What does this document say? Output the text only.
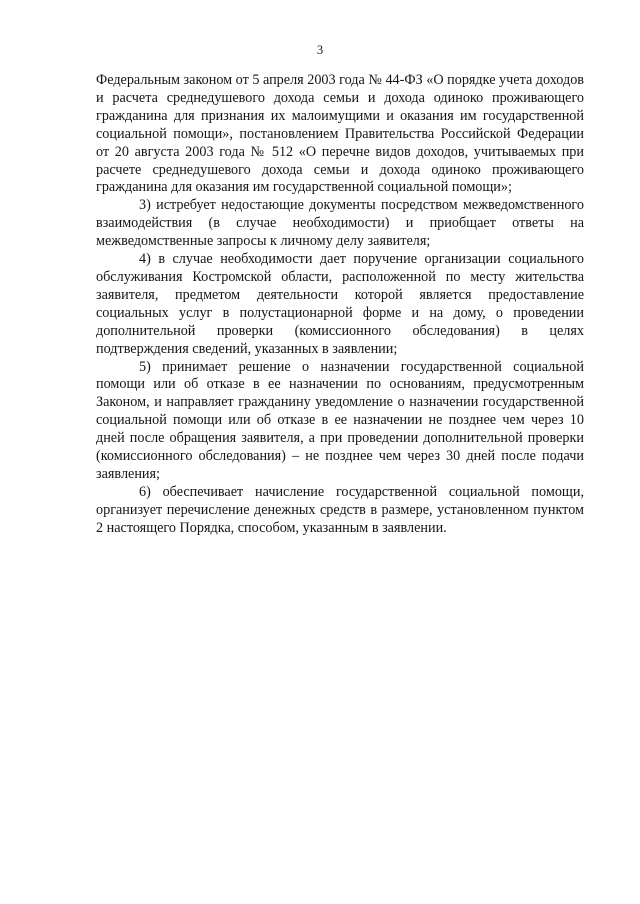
3

Федеральным законом от 5 апреля 2003 года № 44-ФЗ «О порядке учета доходов и расчета среднедушевого дохода семьи и дохода одиноко проживающего гражданина для признания их малоимущими и оказания им государственной социальной помощи», постановлением Правительства Российской Федерации от 20 августа 2003 года № 512 «О перечне видов доходов, учитываемых при расчете среднедушевого дохода семьи и дохода одиноко проживающего гражданина для оказания им государственной социальной помощи»;

3) истребует недостающие документы посредством межведомственного взаимодействия (в случае необходимости) и приобщает ответы на межведомственные запросы к личному делу заявителя;

4) в случае необходимости дает поручение организации социального обслуживания Костромской области, расположенной по месту жительства заявителя, предметом деятельности которой является предоставление социальных услуг в полустационарной форме и на дому, о проведении дополнительной проверки (комиссионного обследования) в целях подтверждения сведений, указанных в заявлении;

5) принимает решение о назначении государственной социальной помощи или об отказе в ее назначении по основаниям, предусмотренным Законом, и направляет гражданину уведомление о назначении государственной социальной помощи или об отказе в ее назначении не позднее чем через 10 дней после обращения заявителя, а при проведении дополнительной проверки (комиссионного обследования) – не позднее чем через 30 дней после подачи заявления;

6) обеспечивает начисление государственной социальной помощи, организует перечисление денежных средств в размере, установленном пунктом 2 настоящего Порядка, способом, указанным в заявлении.
